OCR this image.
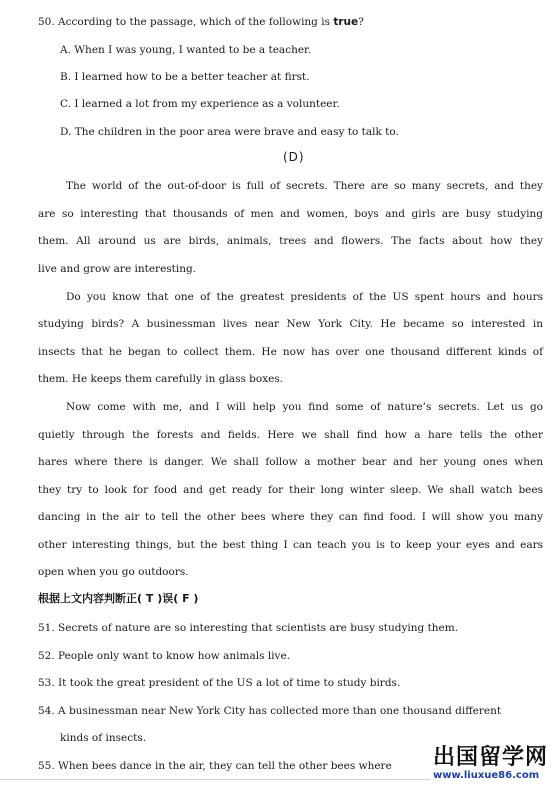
50. According to the passage, which of the following is true?
A. When I was young, I wanted to be a teacher.
B. I learned how to be a better teacher at first.
C. I learned a lot from my experience as a volunteer.
D. The children in the poor area were brave and easy to talk to.
(D)
The world of the out-of-door is full of secrets. There are so many secrets, and they
are so interesting that thousands of men and women, boys and girls are busy studying
them. All around us are birds, animals, trees and flowers. The facts about how they
live and grow are interesting.
Do you know that one of the greatest presidents of the US spent hours and hours
studying birds? A businessman lives near New York City. He became so interested in
insects that he began to collect them. He now has over one thousand different kinds of
them. He keeps them carefully in glass boxes.
Now come with me, and I will help you find some of nature’s secrets. Let us go
quietly through the forests and fields. Here we shall find how a hare tells the other
hares where there is danger. We shall follow a mother bear and her young ones when
they try to look for food and get ready for their long winter sleep. We shall watch bees
dancing in the air to tell the other bees where they can find food. I will show you many
other interesting things, but the best thing I can teach you is to keep your eyes and ears
open when you go outdoors.
根据上文内容判断正( T )误( F )
51. Secrets of nature are so interesting that scientists are busy studying them.
52. People only want to know how animals live.
53. It took the great president of the US a lot of time to study birds.
54. A businessman near New York City has collected more than one thousand different
kinds of insects.
55. When bees dance in the air, they can tell the other bees where 出国留学网
www.liuxue86.com
